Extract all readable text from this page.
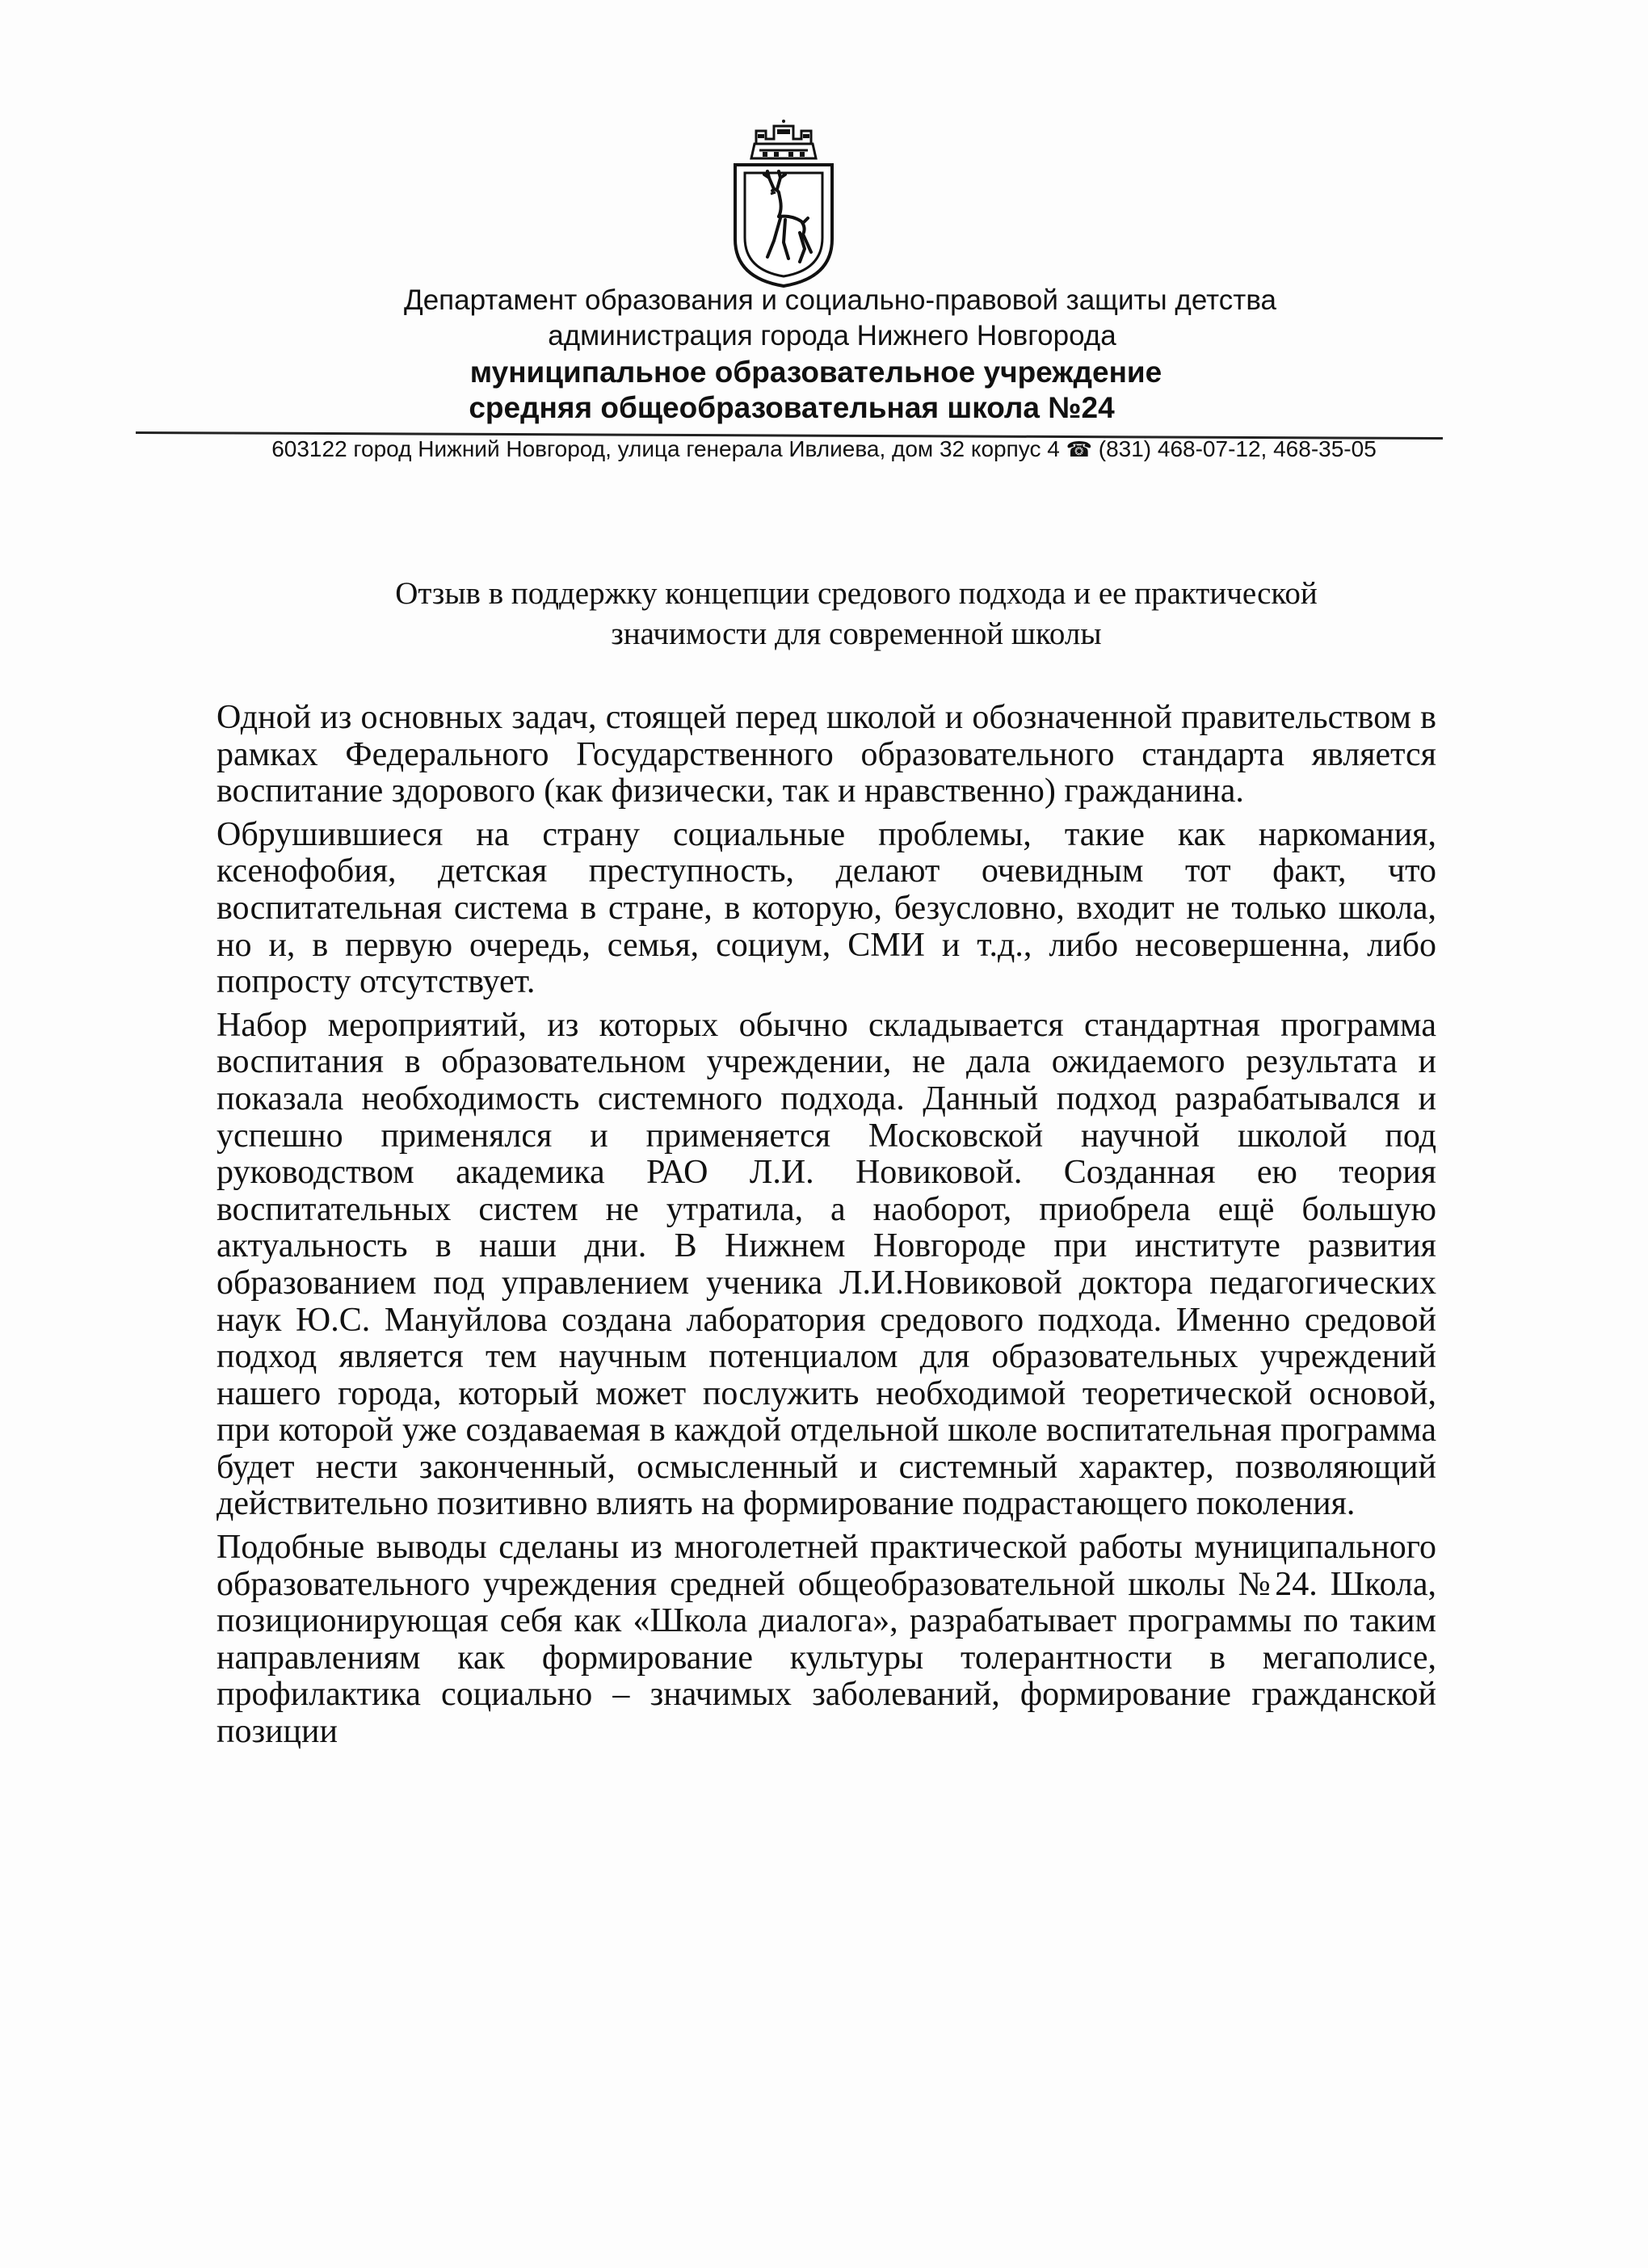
Департамент образования и социально-правовой защиты детства
администрация города Нижнего Новгорода
муниципальное образовательное учреждение
средняя общеобразовательная школа №24
603122 город Нижний Новгород, улица генерала Ивлиева, дом 32 корпус 4 ☎ (831) 468-07-12, 468-35-05
Отзыв в поддержку концепции средового подхода и ее практической
значимости для современной школы

Одной из основных задач, стоящей перед школой и обозначенной правительством в рамках Федерального Государственного образовательного стандарта является воспитание здорового (как физически, так и нравственно) гражданина.

Обрушившиеся на страну социальные проблемы, такие как наркомания, ксенофобия, детская преступность, делают очевидным тот факт, что воспитательная система в стране, в которую, безусловно, входит не только школа, но и, в первую очередь, семья, социум, СМИ и т.д., либо несовершенна, либо попросту отсутствует.

Набор мероприятий, из которых обычно складывается стандартная программа воспитания в образовательном учреждении, не дала ожидаемого результата и показала необходимость системного подхода. Данный подход разрабатывался и успешно применялся и применяется Московской научной школой под руководством академика РАО Л.И. Новиковой. Созданная ею теория воспитательных систем не утратила, а наоборот, приобрела ещё большую актуальность в наши дни. В Нижнем Новгороде при институте развития образованием под управлением ученика Л.И.Новиковой доктора педагогических наук Ю.С. Мануйлова создана лаборатория средового подхода. Именно средовой подход является тем научным потенциалом для образовательных учреждений нашего города, который может послужить необходимой теоретической основой, при которой уже создаваемая в каждой отдельной школе воспитательная программа будет нести законченный, осмысленный и системный характер, позволяющий действительно позитивно влиять на формирование подрастающего поколения.

Подобные выводы сделаны из многолетней практической работы муниципального образовательного учреждения средней общеобразовательной школы №24. Школа, позиционирующая себя как «Школа диалога», разрабатывает программы по таким направлениям как формирование культуры толерантности в мегаполисе, профилактика социально – значимых заболеваний, формирование гражданской позиции
